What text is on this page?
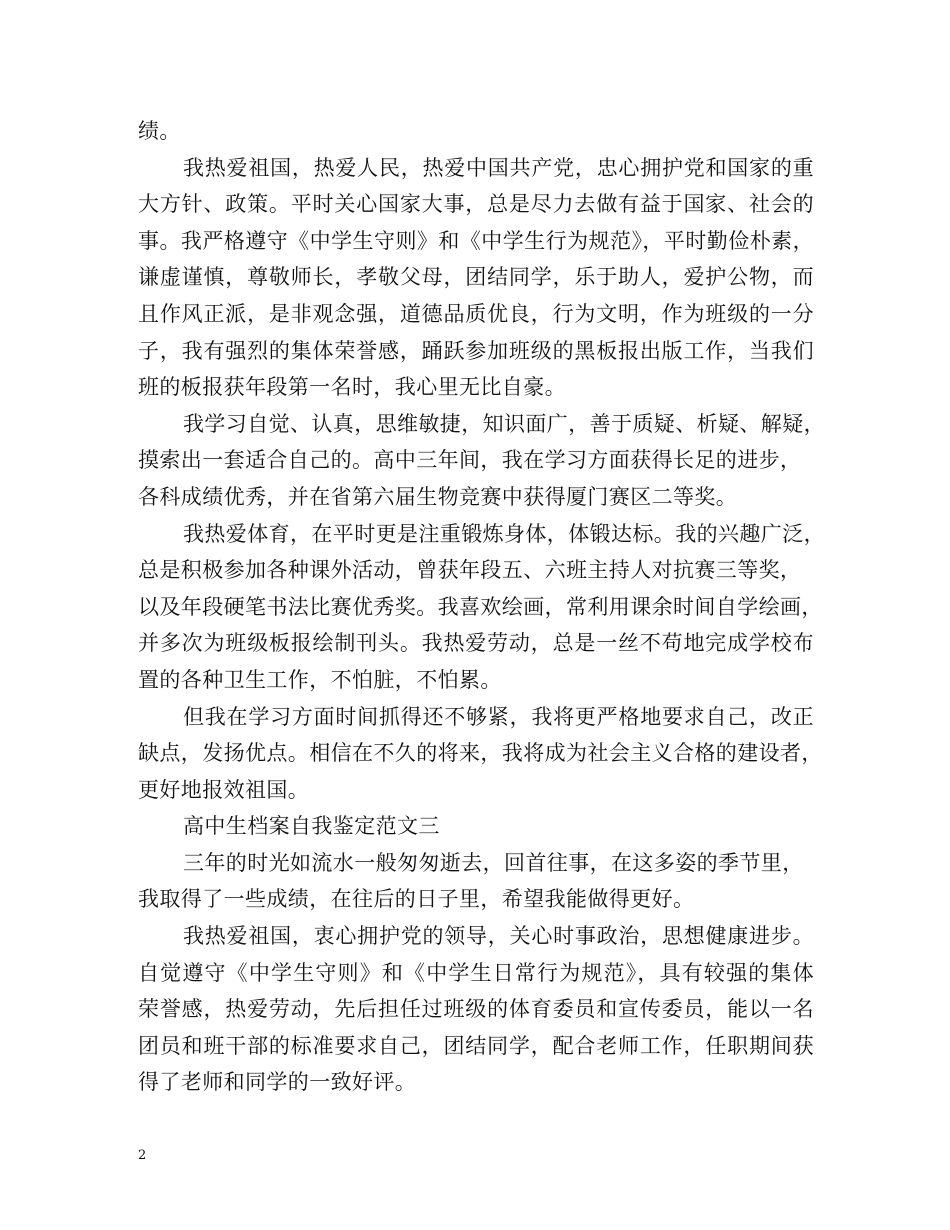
绩。
我热爱祖国，热爱人民，热爱中国共产党，忠心拥护党和国家的重
大方针、政策。平时关心国家大事，总是尽力去做有益于国家、社会的
事。我严格遵守《中学生守则》和《中学生行为规范》，平时勤俭朴素，
谦虚谨慎，尊敬师长，孝敬父母，团结同学，乐于助人，爱护公物，而
且作风正派，是非观念强，道德品质优良，行为文明，作为班级的一分
子，我有强烈的集体荣誉感，踊跃参加班级的黑板报出版工作，当我们
班的板报获年段第一名时，我心里无比自豪。
我学习自觉、认真，思维敏捷，知识面广，善于质疑、析疑、解疑，
摸索出一套适合自己的。高中三年间，我在学习方面获得长足的进步，
各科成绩优秀，并在省第六届生物竞赛中获得厦门赛区二等奖。
我热爱体育，在平时更是注重锻炼身体，体锻达标。我的兴趣广泛，
总是积极参加各种课外活动，曾获年段五、六班主持人对抗赛三等奖，
以及年段硬笔书法比赛优秀奖。我喜欢绘画，常利用课余时间自学绘画，
并多次为班级板报绘制刊头。我热爱劳动，总是一丝不苟地完成学校布
置的各种卫生工作，不怕脏，不怕累。
但我在学习方面时间抓得还不够紧，我将更严格地要求自己，改正
缺点，发扬优点。相信在不久的将来，我将成为社会主义合格的建设者，
更好地报效祖国。
高中生档案自我鉴定范文三
三年的时光如流水一般匆匆逝去，回首往事，在这多姿的季节里，
我取得了一些成绩，在往后的日子里，希望我能做得更好。
我热爱祖国，衷心拥护党的领导，关心时事政治，思想健康进步。
自觉遵守《中学生守则》和《中学生日常行为规范》，具有较强的集体
荣誉感，热爱劳动，先后担任过班级的体育委员和宣传委员，能以一名
团员和班干部的标准要求自己，团结同学，配合老师工作，任职期间获
得了老师和同学的一致好评。
2
